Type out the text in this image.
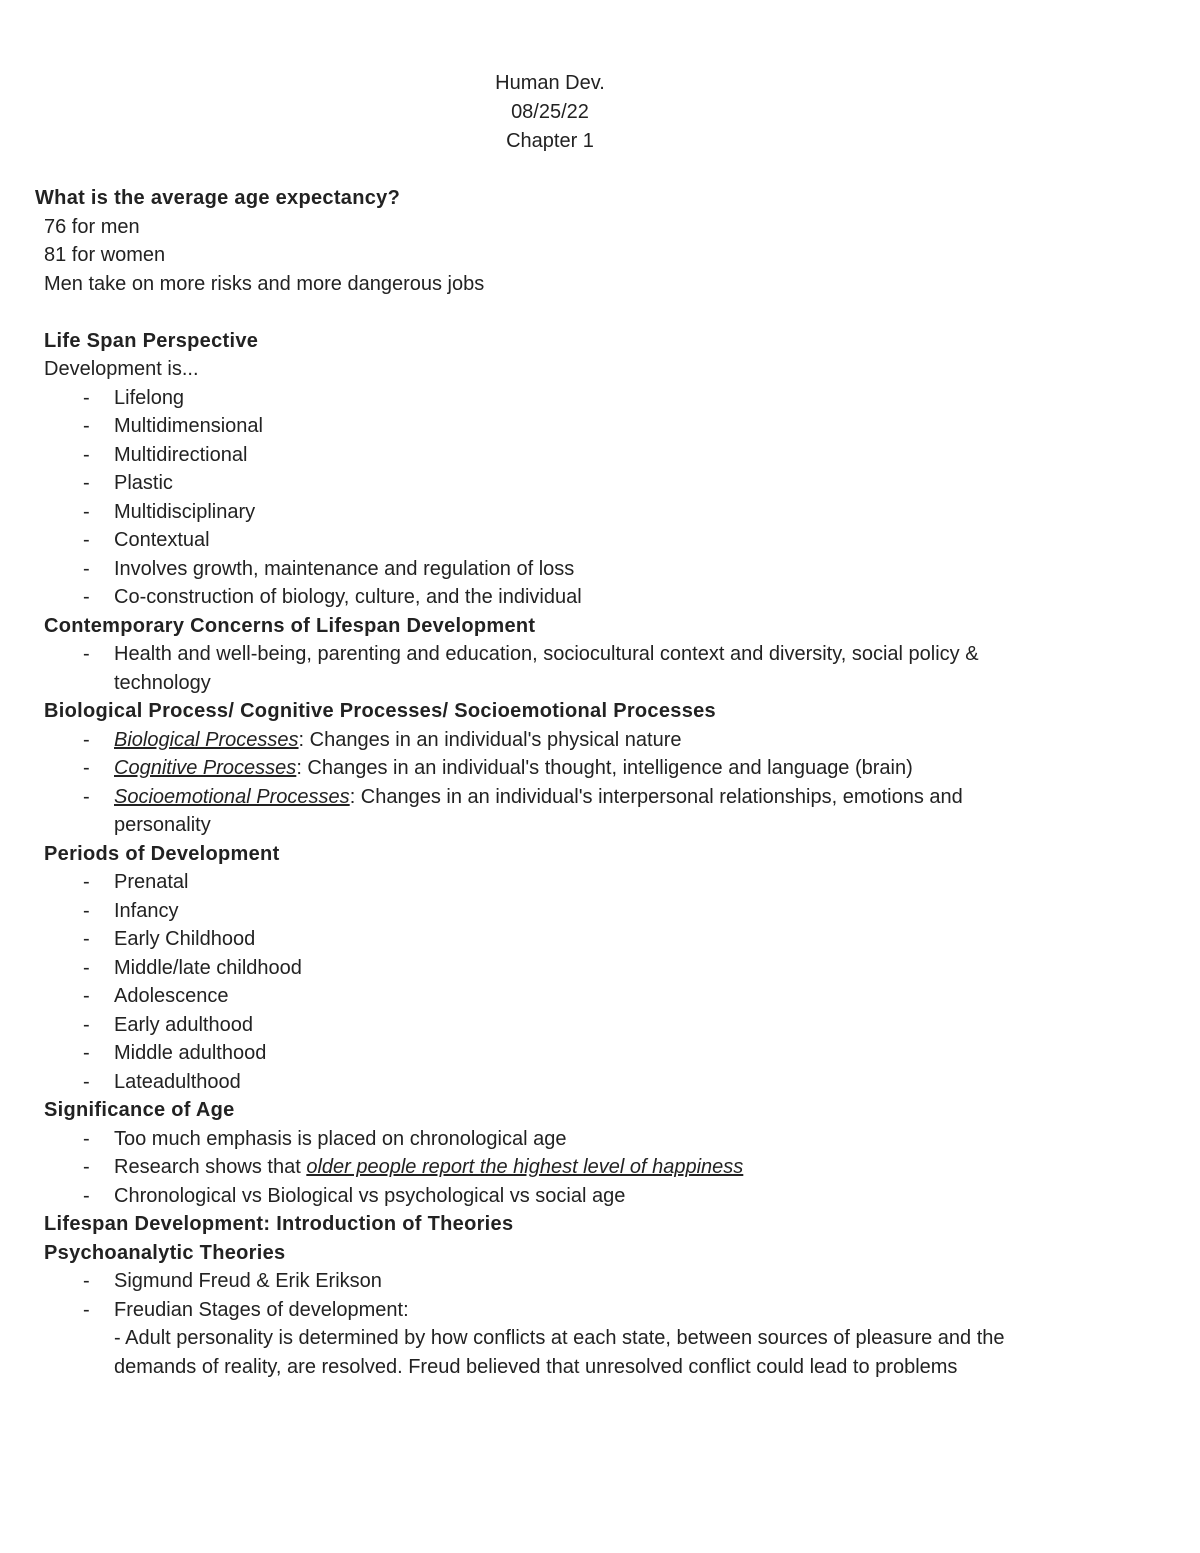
Human Dev.
08/25/22
Chapter 1
What is the average age expectancy?
76 for men
81 for women
Men take on more risks and more dangerous jobs
Life Span Perspective
Development is...
- Lifelong
- Multidimensional
- Multidirectional
- Plastic
- Multidisciplinary
- Contextual
- Involves growth, maintenance and regulation of loss
- Co-construction of biology, culture, and the individual
Contemporary Concerns of Lifespan Development
- Health and well-being, parenting and education, sociocultural context and diversity, social policy & technology
Biological Process/ Cognitive Processes/ Socioemotional Processes
- Biological Processes: Changes in an individual's physical nature
- Cognitive Processes: Changes in an individual's thought, intelligence and language (brain)
- Socioemotional Processes: Changes in an individual's interpersonal relationships, emotions and personality
Periods of Development
- Prenatal
- Infancy
- Early Childhood
- Middle/late childhood
- Adolescence
- Early adulthood
- Middle adulthood
- Lateadulthood
Significance of Age
- Too much emphasis is placed on chronological age
- Research shows that older people report the highest level of happiness
- Chronological vs Biological vs psychological vs social age
Lifespan Development: Introduction of Theories
Psychoanalytic Theories
- Sigmund Freud & Erik Erikson
- Freudian Stages of development:
- Adult personality is determined by how conflicts at each state, between sources of pleasure and the demands of reality, are resolved. Freud believed that unresolved conflict could lead to problems
